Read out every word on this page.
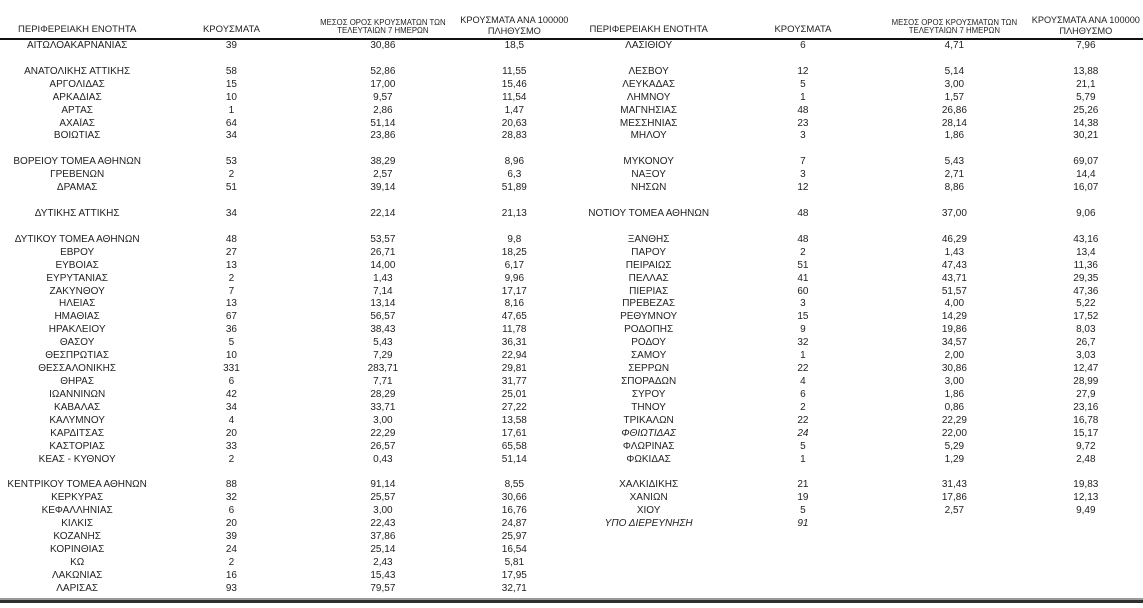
ΠΕΡΙΦΕΡΕΙΑΚΗ ΕΝΟΤΗΤΑ	ΚΡΟΥΣΜΑΤΑ
ΜΕΣΟΣ ΟΡΟΣ ΚΡΟΥΣΜΑΤΩΝ ΤΩΝ
ΤΕΛΕΥΤΑΙΩΝ 7 ΗΜΕΡΩΝ
ΚΡΟΥΣΜΑΤΑ ΑΝΑ 100000
ΠΛΗΘΥΣΜΟ
ΑΙΤΩΛΟΑΚΑΡΝΑΝΙΑΣ	39	30,86	18,5
ΑΝΑΤΟΛΙΚΗΣ ΑΤΤΙΚΗΣ	58	52,86	11,55
ΑΡΓΟΛΙΔΑΣ	15	17,00	15,46
ΑΡΚΑΔΙΑΣ	10	9,57	11,54
ΑΡΤΑΣ	1	2,86	1,47
ΑΧΑΪΑΣ	64	51,14	20,63
ΒΟΙΩΤΙΑΣ	34	23,86	28,83
ΒΟΡΕΙΟΥ ΤΟΜΕΑ ΑΘΗΝΩΝ	53	38,29	8,96
ΓΡΕΒΕΝΩΝ	2	2,57	6,3
ΔΡΑΜΑΣ	51	39,14	51,89
ΔΥΤΙΚΗΣ ΑΤΤΙΚΗΣ	34	22,14	21,13
ΔΥΤΙΚΟΥ ΤΟΜΕΑ ΑΘΗΝΩΝ	48	53,57	9,8
ΕΒΡΟΥ	27	26,71	18,25
ΕΥΒΟΙΑΣ	13	14,00	6,17
ΕΥΡΥΤΑΝΙΑΣ	2	1,43	9,96
ΖΑΚΥΝΘΟΥ	7	7,14	17,17
ΗΛΕΙΑΣ	13	13,14	8,16
ΗΜΑΘΙΑΣ	67	56,57	47,65
ΗΡΑΚΛΕΙΟΥ	36	38,43	11,78
ΘΑΣΟΥ	5	5,43	36,31
ΘΕΣΠΡΩΤΙΑΣ	10	7,29	22,94
ΘΕΣΣΑΛΟΝΙΚΗΣ	331	283,71	29,81
ΘΗΡΑΣ	6	7,71	31,77
ΙΩΑΝΝΙΝΩΝ	42	28,29	25,01
ΚΑΒΑΛΑΣ	34	33,71	27,22
ΚΑΛΥΜΝΟΥ	4	3,00	13,58
ΚΑΡΔΙΤΣΑΣ	20	22,29	17,61
ΚΑΣΤΟΡΙΑΣ	33	26,57	65,58
ΚΕΑΣ - ΚΥΘΝΟΥ	2	0,43	51,14
ΚΕΝΤΡΙΚΟΥ ΤΟΜΕΑ ΑΘΗΝΩΝ	88	91,14	8,55
ΚΕΡΚΥΡΑΣ	32	25,57	30,66
ΚΕΦΑΛΛΗΝΙΑΣ	6	3,00	16,76
ΚΙΛΚΙΣ	20	22,43	24,87
ΚΟΖΑΝΗΣ	39	37,86	25,97
ΚΟΡΙΝΘΙΑΣ	24	25,14	16,54
ΚΩ	2	2,43	5,81
ΛΑΚΩΝΙΑΣ	16	15,43	17,95
ΛΑΡΙΣΑΣ	93	79,57	32,71
ΠΕΡΙΦΕΡΕΙΑΚΗ ΕΝΟΤΗΤΑ	ΚΡΟΥΣΜΑΤΑ
ΜΕΣΟΣ ΟΡΟΣ ΚΡΟΥΣΜΑΤΩΝ ΤΩΝ
ΤΕΛΕΥΤΑΙΩΝ 7 ΗΜΕΡΩΝ
ΚΡΟΥΣΜΑΤΑ ΑΝΑ 100000
ΠΛΗΘΥΣΜΟ
ΛΑΣΙΘΙΟΥ	6	4,71	7,96
ΛΕΣΒΟΥ	12	5,14	13,88
ΛΕΥΚΑΔΑΣ	5	3,00	21,1
ΛΗΜΝΟΥ	1	1,57	5,79
ΜΑΓΝΗΣΙΑΣ	48	26,86	25,26
ΜΕΣΣΗΝΙΑΣ	23	28,14	14,38
ΜΗΛΟΥ	3	1,86	30,21
ΜΥΚΟΝΟΥ	7	5,43	69,07
ΝΑΞΟΥ	3	2,71	14,4
ΝΗΣΩΝ	12	8,86	16,07
ΝΟΤΙΟΥ ΤΟΜΕΑ ΑΘΗΝΩΝ	48	37,00	9,06
ΞΑΝΘΗΣ	48	46,29	43,16
ΠΑΡΟΥ	2	1,43	13,4
ΠΕΙΡΑΙΩΣ	51	47,43	11,36
ΠΕΛΛΑΣ	41	43,71	29,35
ΠΙΕΡΙΑΣ	60	51,57	47,36
ΠΡΕΒΕΖΑΣ	3	4,00	5,22
ΡΕΘΥΜΝΟΥ	15	14,29	17,52
ΡΟΔΟΠΗΣ	9	19,86	8,03
ΡΟΔΟΥ	32	34,57	26,7
ΣΑΜΟΥ	1	2,00	3,03
ΣΕΡΡΩΝ	22	30,86	12,47
ΣΠΟΡΑΔΩΝ	4	3,00	28,99
ΣΥΡΟΥ	6	1,86	27,9
ΤΗΝΟΥ	2	0,86	23,16
ΤΡΙΚΑΛΩΝ	22	22,29	16,78
ΦΘΙΩΤΙΔΑΣ	24	22,00	15,17
ΦΛΩΡΙΝΑΣ	5	5,29	9,72
ΦΩΚΙΔΑΣ	1	1,29	2,48
ΧΑΛΚΙΔΙΚΗΣ	21	31,43	19,83
ΧΑΝΙΩΝ	19	17,86	12,13
ΧΙΟΥ	5	2,57	9,49
ΥΠΟ ΔΙΕΡΕΥΝΗΣΗ	91
